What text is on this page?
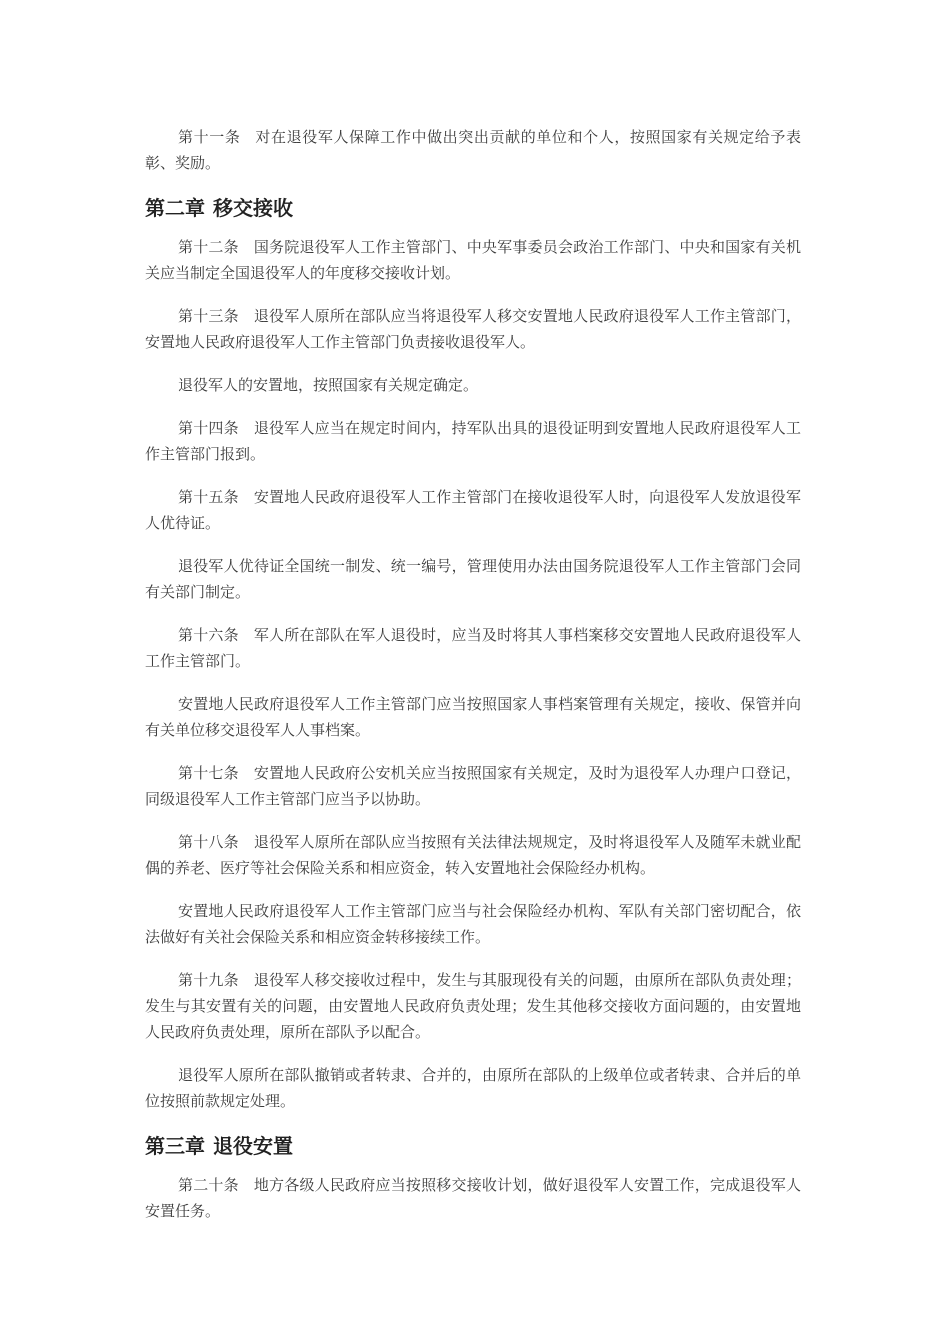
第十一条 对在退役军人保障工作中做出突出贡献的单位和个人，按照国家有关规定给予表彰、奖励。

第二章 移交接收

第十二条 国务院退役军人工作主管部门、中央军事委员会政治工作部门、中央和国家有关机关应当制定全国退役军人的年度移交接收计划。

第十三条 退役军人原所在部队应当将退役军人移交安置地人民政府退役军人工作主管部门，安置地人民政府退役军人工作主管部门负责接收退役军人。

退役军人的安置地，按照国家有关规定确定。

第十四条 退役军人应当在规定时间内，持军队出具的退役证明到安置地人民政府退役军人工作主管部门报到。

第十五条 安置地人民政府退役军人工作主管部门在接收退役军人时，向退役军人发放退役军人优待证。

退役军人优待证全国统一制发、统一编号，管理使用办法由国务院退役军人工作主管部门会同有关部门制定。

第十六条 军人所在部队在军人退役时，应当及时将其人事档案移交安置地人民政府退役军人工作主管部门。

安置地人民政府退役军人工作主管部门应当按照国家人事档案管理有关规定，接收、保管并向有关单位移交退役军人人事档案。

第十七条 安置地人民政府公安机关应当按照国家有关规定，及时为退役军人办理户口登记，同级退役军人工作主管部门应当予以协助。

第十八条 退役军人原所在部队应当按照有关法律法规规定，及时将退役军人及随军未就业配偶的养老、医疗等社会保险关系和相应资金，转入安置地社会保险经办机构。

安置地人民政府退役军人工作主管部门应当与社会保险经办机构、军队有关部门密切配合，依法做好有关社会保险关系和相应资金转移接续工作。

第十九条 退役军人移交接收过程中，发生与其服现役有关的问题，由原所在部队负责处理；发生与其安置有关的问题，由安置地人民政府负责处理；发生其他移交接收方面问题的，由安置地人民政府负责处理，原所在部队予以配合。

退役军人原所在部队撤销或者转隶、合并的，由原所在部队的上级单位或者转隶、合并后的单位按照前款规定处理。

第三章 退役安置

第二十条 地方各级人民政府应当按照移交接收计划，做好退役军人安置工作，完成退役军人安置任务。
